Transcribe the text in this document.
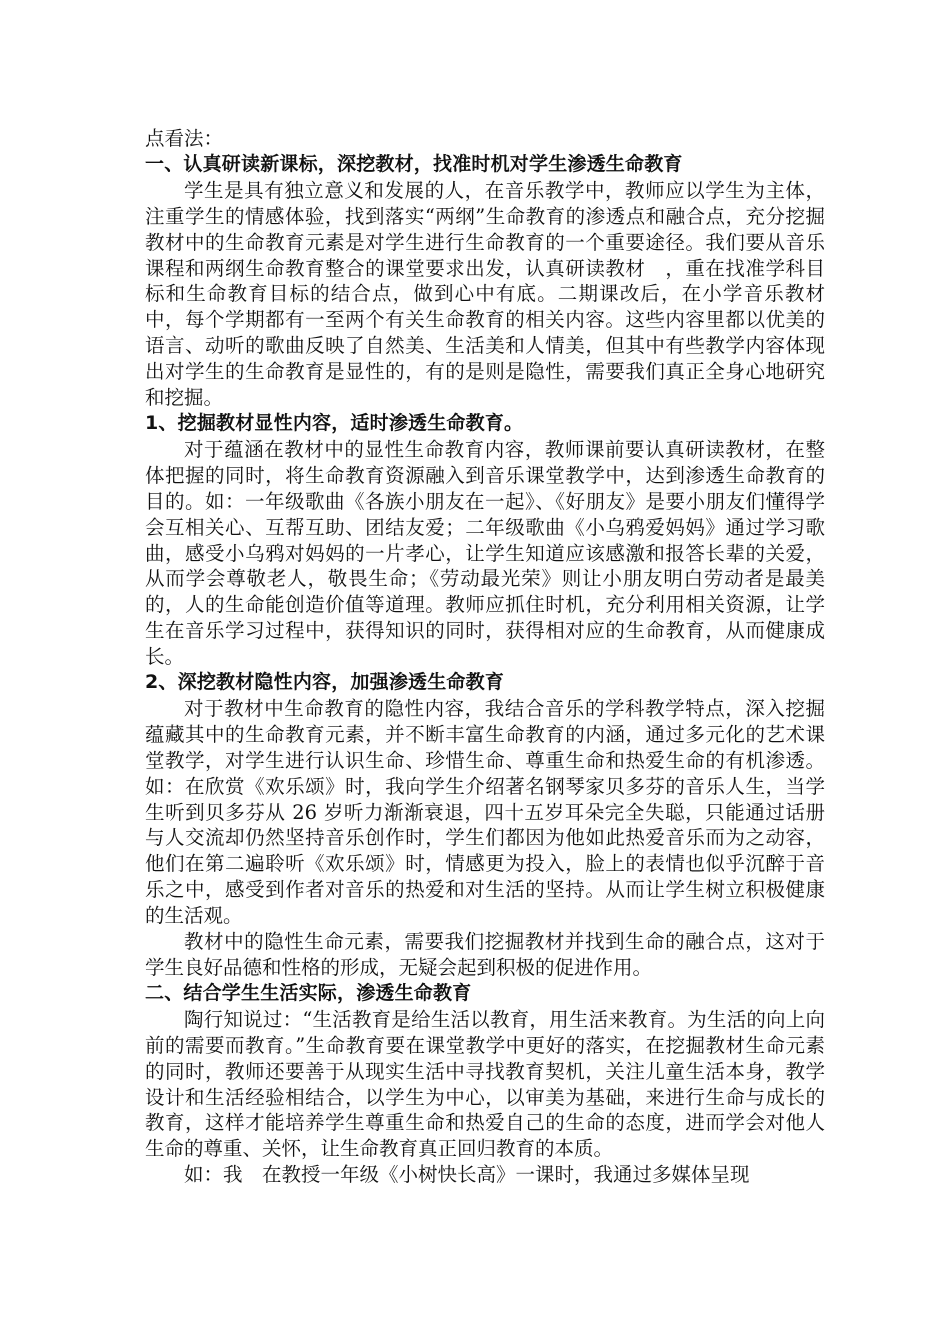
点看法：

一、认真研读新课标，深挖教材，找准时机对学生渗透生命教育

学生是具有独立意义和发展的人，在音乐教学中，教师应以学生为主体，注重学生的情感体验，找到落实“两纲”生命教育的渗透点和融合点，充分挖掘教材中的生命教育元素是对学生进行生命教育的一个重要途径。我们要从音乐课程和两纲生命教育整合的课堂要求出发，认真研读教材　，重在找准学科目标和生命教育目标的结合点，做到心中有底。二期课改后，在小学音乐教材中，每个学期都有一至两个有关生命教育的相关内容。这些内容里都以优美的语言、动听的歌曲反映了自然美、生活美和人情美，但其中有些教学内容体现出对学生的生命教育是显性的，有的是则是隐性，需要我们真正全身心地研究和挖掘。

1、挖掘教材显性内容，适时渗透生命教育。

对于蕴涵在教材中的显性生命教育内容，教师课前要认真研读教材，在整体把握的同时，将生命教育资源融入到音乐课堂教学中，达到渗透生命教育的目的。如：一年级歌曲《各族小朋友在一起》、《好朋友》是要小朋友们懂得学会互相关心、互帮互助、团结友爱；二年级歌曲《小乌鸦爱妈妈》通过学习歌曲，感受小乌鸦对妈妈的一片孝心，让学生知道应该感激和报答长辈的关爱，从而学会尊敬老人，敬畏生命；《劳动最光荣》则让小朋友明白劳动者是最美的，人的生命能创造价值等道理。教师应抓住时机，充分利用相关资源，让学生在音乐学习过程中，获得知识的同时，获得相对应的生命教育，从而健康成长。

2、深挖教材隐性内容，加强渗透生命教育

对于教材中生命教育的隐性内容，我结合音乐的学科教学特点，深入挖掘蕴藏其中的生命教育元素，并不断丰富生命教育的内涵，通过多元化的艺术课堂教学，对学生进行认识生命、珍惜生命、尊重生命和热爱生命的有机渗透。如：在欣赏《欢乐颂》时，我向学生介绍著名钢琴家贝多芬的音乐人生，当学生听到贝多芬从 26 岁听力渐渐衰退，四十五岁耳朵完全失聪，只能通过话册与人交流却仍然坚持音乐创作时，学生们都因为他如此热爱音乐而为之动容，他们在第二遍聆听《欢乐颂》时，情感更为投入，脸上的表情也似乎沉醉于音乐之中，感受到作者对音乐的热爱和对生活的坚持。从而让学生树立积极健康的生活观。

教材中的隐性生命元素，需要我们挖掘教材并找到生命的融合点，这对于学生良好品德和性格的形成，无疑会起到积极的促进作用。

二、结合学生生活实际，渗透生命教育

陶行知说过：“生活教育是给生活以教育，用生活来教育。为生活的向上向前的需要而教育。”生命教育要在课堂教学中更好的落实，在挖掘教材生命元素的同时，教师还要善于从现实生活中寻找教育契机，关注儿童生活本身，教学设计和生活经验相结合，以学生为中心，以审美为基础，来进行生命与成长的教育，这样才能培养学生尊重生命和热爱自己的生命的态度，进而学会对他人生命的尊重、关怀，让生命教育真正回归教育的本质。

如：我　在教授一年级《小树快长高》一课时，我通过多媒体呈现
